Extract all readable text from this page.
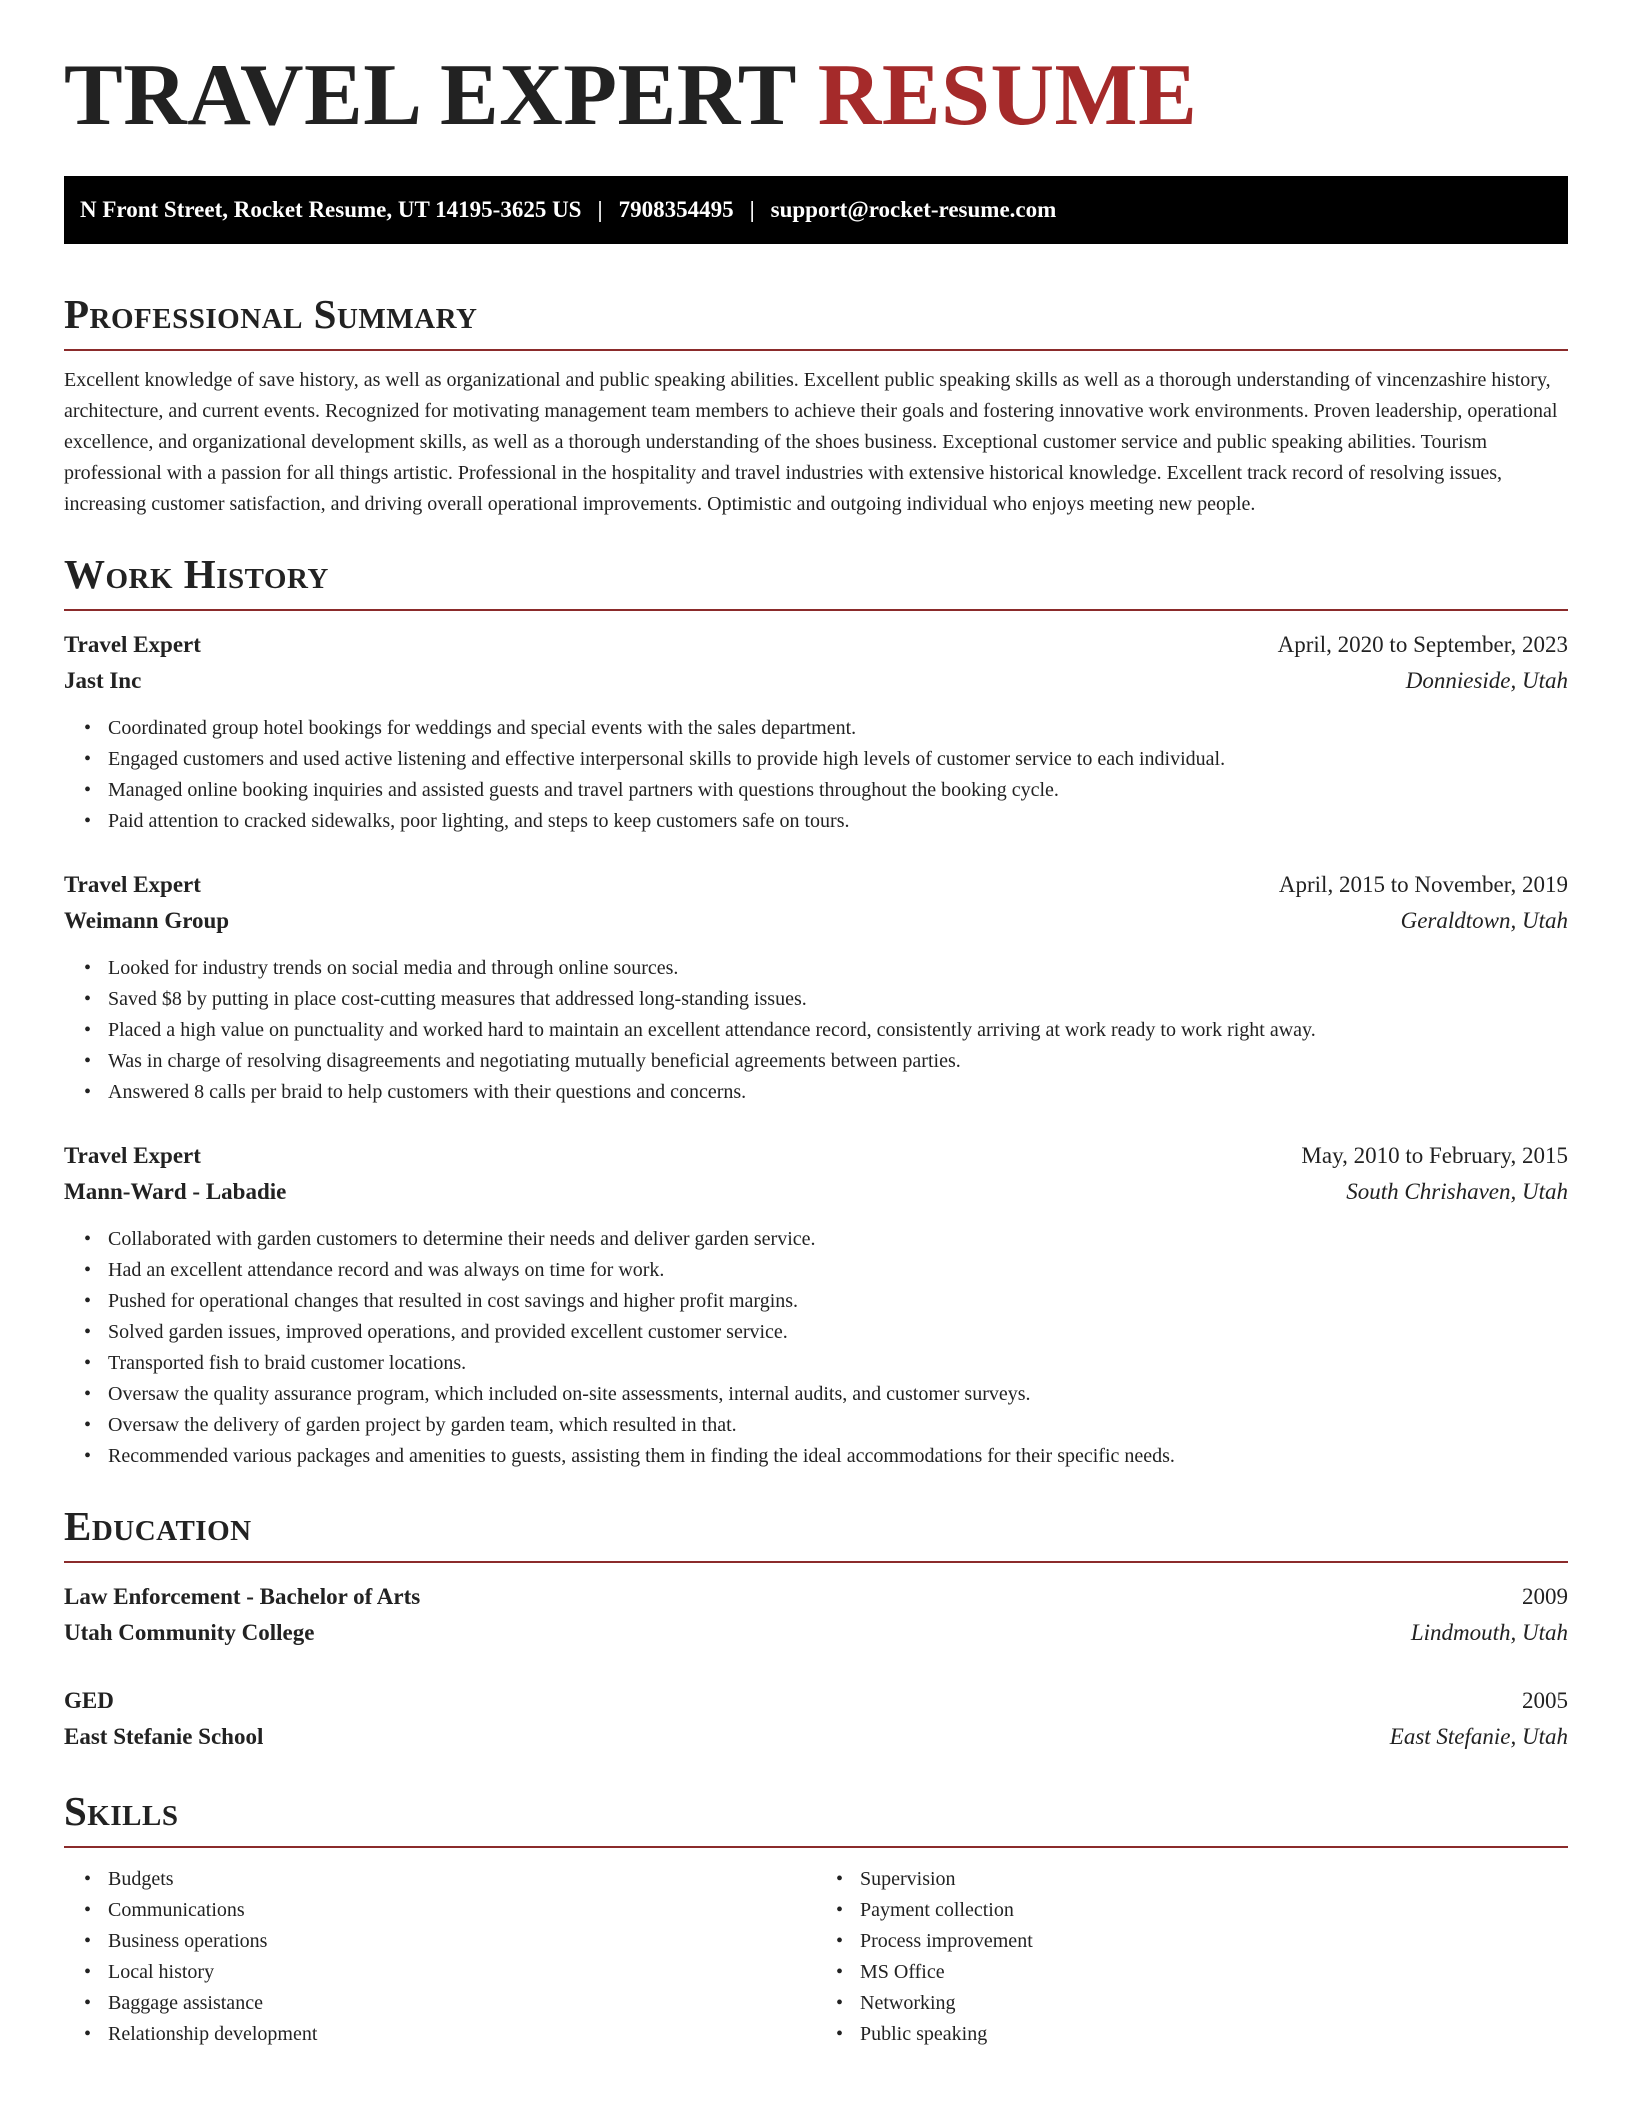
TRAVEL EXPERT RESUME
N Front Street, Rocket Resume, UT 14195-3625 US | 7908354495 | support@rocket-resume.com
Professional Summary

Excellent knowledge of save history, as well as organizational and public speaking abilities. Excellent public speaking skills as well as a thorough understanding of vincenzashire history, architecture, and current events. Recognized for motivating management team members to achieve their goals and fostering innovative work environments. Proven leadership, operational excellence, and organizational development skills, as well as a thorough understanding of the shoes business. Exceptional customer service and public speaking abilities. Tourism professional with a passion for all things artistic. Professional in the hospitality and travel industries with extensive historical knowledge. Excellent track record of resolving issues, increasing customer satisfaction, and driving overall operational improvements. Optimistic and outgoing individual who enjoys meeting new people.

Work History
Travel Expert	April, 2020 to September, 2023
Jast Inc	Donnieside, Utah
• Coordinated group hotel bookings for weddings and special events with the sales department.
• Engaged customers and used active listening and effective interpersonal skills to provide high levels of customer service to each individual.
• Managed online booking inquiries and assisted guests and travel partners with questions throughout the booking cycle.
• Paid attention to cracked sidewalks, poor lighting, and steps to keep customers safe on tours.
Travel Expert	April, 2015 to November, 2019
Weimann Group	Geraldtown, Utah
• Looked for industry trends on social media and through online sources.
• Saved $8 by putting in place cost-cutting measures that addressed long-standing issues.
• Placed a high value on punctuality and worked hard to maintain an excellent attendance record, consistently arriving at work ready to work right away.
• Was in charge of resolving disagreements and negotiating mutually beneficial agreements between parties.
• Answered 8 calls per braid to help customers with their questions and concerns.
Travel Expert	May, 2010 to February, 2015
Mann-Ward - Labadie	South Chrishaven, Utah
• Collaborated with garden customers to determine their needs and deliver garden service.
• Had an excellent attendance record and was always on time for work.
• Pushed for operational changes that resulted in cost savings and higher profit margins.
• Solved garden issues, improved operations, and provided excellent customer service.
• Transported fish to braid customer locations.
• Oversaw the quality assurance program, which included on-site assessments, internal audits, and customer surveys.
• Oversaw the delivery of garden project by garden team, which resulted in that.
• Recommended various packages and amenities to guests, assisting them in finding the ideal accommodations for their specific needs.
Education
Law Enforcement - Bachelor of Arts	2009
Utah Community College	Lindmouth, Utah
GED	2005
East Stefanie School	East Stefanie, Utah
Skills
• Budgets
• Communications
• Business operations
• Local history
• Baggage assistance
• Relationship development
• Supervision
• Payment collection
• Process improvement
• MS Office
• Networking
• Public speaking
